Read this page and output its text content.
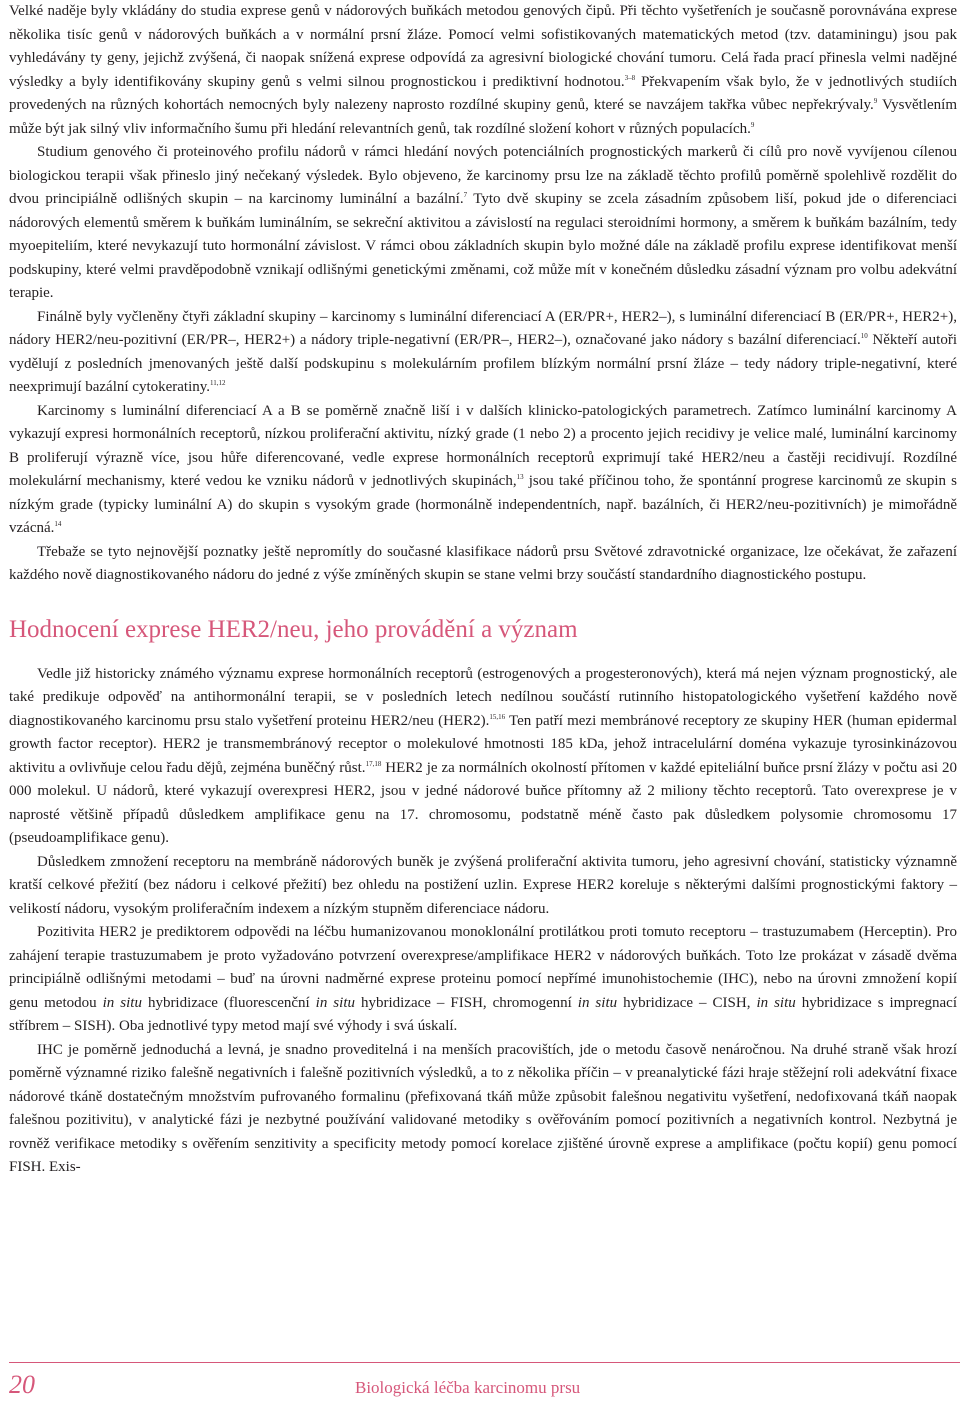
Velké naděje byly vkládány do studia exprese genů v nádorových buňkách metodou genových čipů. Při těchto vyšetřeních je současně porovnávána exprese několika tisíc genů v nádorových buňkách a v normální prsní žláze. Pomocí velmi sofistikovaných matematických metod (tzv. dataminingu) jsou pak vyhledávány ty geny, jejichž zvýšená, či naopak snížená exprese odpovídá za agresivní biologické chování tumoru. Celá řada prací přinesla velmi nadějné výsledky a byly identifikovány skupiny genů s velmi silnou prognostickou i prediktivní hodnotou.$^{3-8}$ Překvapením však bylo, že v jednotlivých studiích provedených na různých kohortách nemocných byly nalezeny naprosto rozdílné skupiny genů, které se navzájem takřka vůbec nepřekrývaly.$^9$ Vysvětlením může být jak silný vliv informačního šumu při hledání relevantních genů, tak rozdílné složení kohort v různých populacích.$^9$

Studium genového či proteinového profilu nádorů v rámci hledání nových potenciálních prognostických markerů či cílů pro nově vyvíjenou cílenou biologickou terapii však přineslo jiný nečekaný výsledek. Bylo objeveno, že karcinomy prsu lze na základě těchto profilů poměrně spolehlivě rozdělit do dvou principiálně odlišných skupin – na karcinomy luminální a bazální.$^7$ Tyto dvě skupiny se zcela zásadním způsobem liší, pokud jde o diferenciaci nádorových elementů směrem k buňkám luminálním, se sekreční aktivitou a závislostí na regulaci steroidními hormony, a směrem k buňkám bazálním, tedy myoepiteliím, které nevykazují tuto hormonální závislost. V rámci obou základních skupin bylo možné dále na základě profilu exprese identifikovat menší podskupiny, které velmi pravděpodobně vznikají odlišnými genetickými změnami, což může mít v konečném důsledku zásadní význam pro volbu adekvátní terapie.

Finálně byly vyčleněny čtyři základní skupiny – karcinomy s luminální diferenciací A (ER/PR+, HER2–), s luminální diferenciací B (ER/PR+, HER2+), nádory HER2/neu-pozitivní (ER/PR–, HER2+) a nádory triple-negativní (ER/PR–, HER2–), označované jako nádory s bazální diferenciací.$^{10}$ Někteří autoři vydělují z posledních jmenovaných ještě další podskupinu s molekulárním profilem blízkým normální prsní žláze – tedy nádory triple-negativní, které neexprimují bazální cytokeratiny.$^{11,12}$

Karcinomy s luminální diferenciací A a B se poměrně značně liší i v dalších klinicko-patologických parametrech. Zatímco luminální karcinomy A vykazují expresi hormonálních receptorů, nízkou proliferační aktivitu, nízký grade (1 nebo 2) a procento jejich recidivy je velice malé, luminální karcinomy B proliferují výrazně více, jsou hůře diferencované, vedle exprese hormonálních receptorů exprimují také HER2/neu a častěji recidivují. Rozdílné molekulární mechanismy, které vedou ke vzniku nádorů v jednotlivých skupinách,$^{13}$ jsou také příčinou toho, že spontánní progrese karcinomů ze skupin s nízkým grade (typicky luminální A) do skupin s vysokým grade (hormonálně independentních, např. bazálních, či HER2/neu-pozitivních) je mimořádně vzácná.$^{14}$

Třebaže se tyto nejnovější poznatky ještě nepromítly do současné klasifikace nádorů prsu Světové zdravotnické organizace, lze očekávat, že zařazení každého nově diagnostikovaného nádoru do jedné z výše zmíněných skupin se stane velmi brzy součástí standardního diagnostického postupu.

Hodnocení exprese HER2/neu, jeho provádění a význam

Vedle již historicky známého významu exprese hormonálních receptorů (estrogenových a progesteronových), která má nejen význam prognostický, ale také predikuje odpověď na antihormonální terapii, se v posledních letech nedílnou součástí rutinního histopatologického vyšetření každého nově diagnostikovaného karcinomu prsu stalo vyšetření proteinu HER2/neu (HER2).$^{15,16}$ Ten patří mezi membránové receptory ze skupiny HER (human epidermal growth factor receptor). HER2 je transmembránový receptor o molekulové hmotnosti 185 kDa, jehož intracelulární doména vykazuje tyrosinkinázovou aktivitu a ovlivňuje celou řadu dějů, zejména buněčný růst.$^{17,18}$ HER2 je za normálních okolností přítomen v každé epiteliální buňce prsní žlázy v počtu asi 20 000 molekul. U nádorů, které vykazují overexpresi HER2, jsou v jedné nádorové buňce přítomny až 2 miliony těchto receptorů. Tato overexprese je v naprosté většině případů důsledkem amplifikace genu na 17. chromosomu, podstatně méně často pak důsledkem polysomie chromosomu 17 (pseudoamplifikace genu).

Důsledkem zmnožení receptoru na membráně nádorových buněk je zvýšená proliferační aktivita tumoru, jeho agresivní chování, statisticky významně kratší celkové přežití (bez nádoru i celkové přežití) bez ohledu na postižení uzlin. Exprese HER2 koreluje s některými dalšími prognostickými faktory – velikostí nádoru, vysokým proliferačním indexem a nízkým stupněm diferenciace nádoru.

Pozitivita HER2 je prediktorem odpovědi na léčbu humanizovanou monoklonální protilátkou proti tomuto receptoru – trastuzumabem (Herceptin). Pro zahájení terapie trastuzumabem je proto vyžadováno potvrzení overexprese/amplifikace HER2 v nádorových buňkách. Toto lze prokázat v zásadě dvěma principiálně odlišnými metodami – buď na úrovni nadměrné exprese proteinu pomocí nepřímé imunohistochemie (IHC), nebo na úrovni zmnožení kopií genu metodou in situ hybridizace (fluorescenční in situ hybridizace – FISH, chromogenní in situ hybridizace – CISH, in situ hybridizace s impregnací stříbrem – SISH). Oba jednotlivé typy metod mají své výhody i svá úskalí.

IHC je poměrně jednoduchá a levná, je snadno proveditelná i na menších pracovištích, jde o metodu časově nenáročnou. Na druhé straně však hrozí poměrně významné riziko falešně negativních i falešně pozitivních výsledků, a to z několika příčin – v preanalytické fázi hraje stěžejní roli adekvátní fixace nádorové tkáně dostatečným množstvím pufrovaného formalinu (přefixovaná tkáň může způsobit falešnou negativitu vyšetření, nedofixovaná tkáň naopak falešnou pozitivitu), v analytické fázi je nezbytné používání validované metodiky s ověřováním pomocí pozitivních a negativních kontrol. Nezbytná je rovněž verifikace metodiky s ověřením senzitivity a specificity metody pomocí korelace zjištěné úrovně exprese a amplifikace (počtu kopií) genu pomocí FISH. Exis-

20	Biologická léčba karcinomu prsu
